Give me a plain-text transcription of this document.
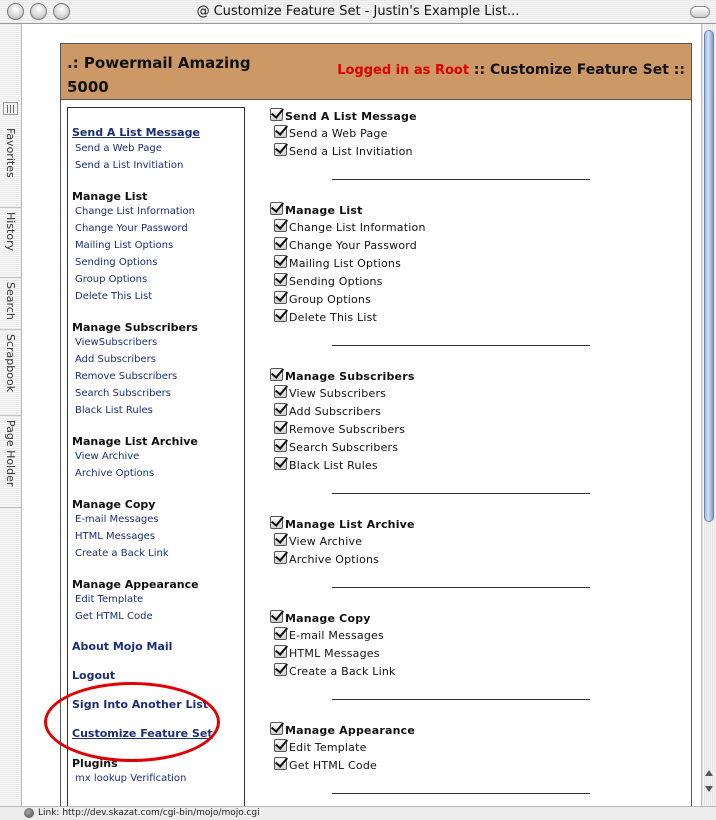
@ Customize Feature Set - Justin's Example List...
Favorites
History
Search
Scrapbook
Page Holder
.: Powermail Amazing
5000
Logged in as Root :: Customize Feature Set ::
Send A List Message
Send a Web Page
Send a List Invitiation
Manage List
Change List Information
Change Your Password
Mailing List Options
Sending Options
Group Options
Delete This List
Manage Subscribers
ViewSubscribers
Add Subscribers
Remove Subscribers
Search Subscribers
Black List Rules
Manage List Archive
View Archive
Archive Options
Manage Copy
E-mail Messages
HTML Messages
Create a Back Link
Manage Appearance
Edit Template
Get HTML Code
About Mojo Mail
Logout
Sign Into Another List
Customize Feature Set
Plugins
mx lookup Verification
Send A List Message
Send a Web Page
Send a List Invitiation
Manage List
Change List Information
Change Your Password
Mailing List Options
Sending Options
Group Options
Delete This List
Manage Subscribers
View Subscribers
Add Subscribers
Remove Subscribers
Search Subscribers
Black List Rules
Manage List Archive
View Archive
Archive Options
Manage Copy
E-mail Messages
HTML Messages
Create a Back Link
Manage Appearance
Edit Template
Get HTML Code
Link: http://dev.skazat.com/cgi-bin/mojo/mojo.cgi
